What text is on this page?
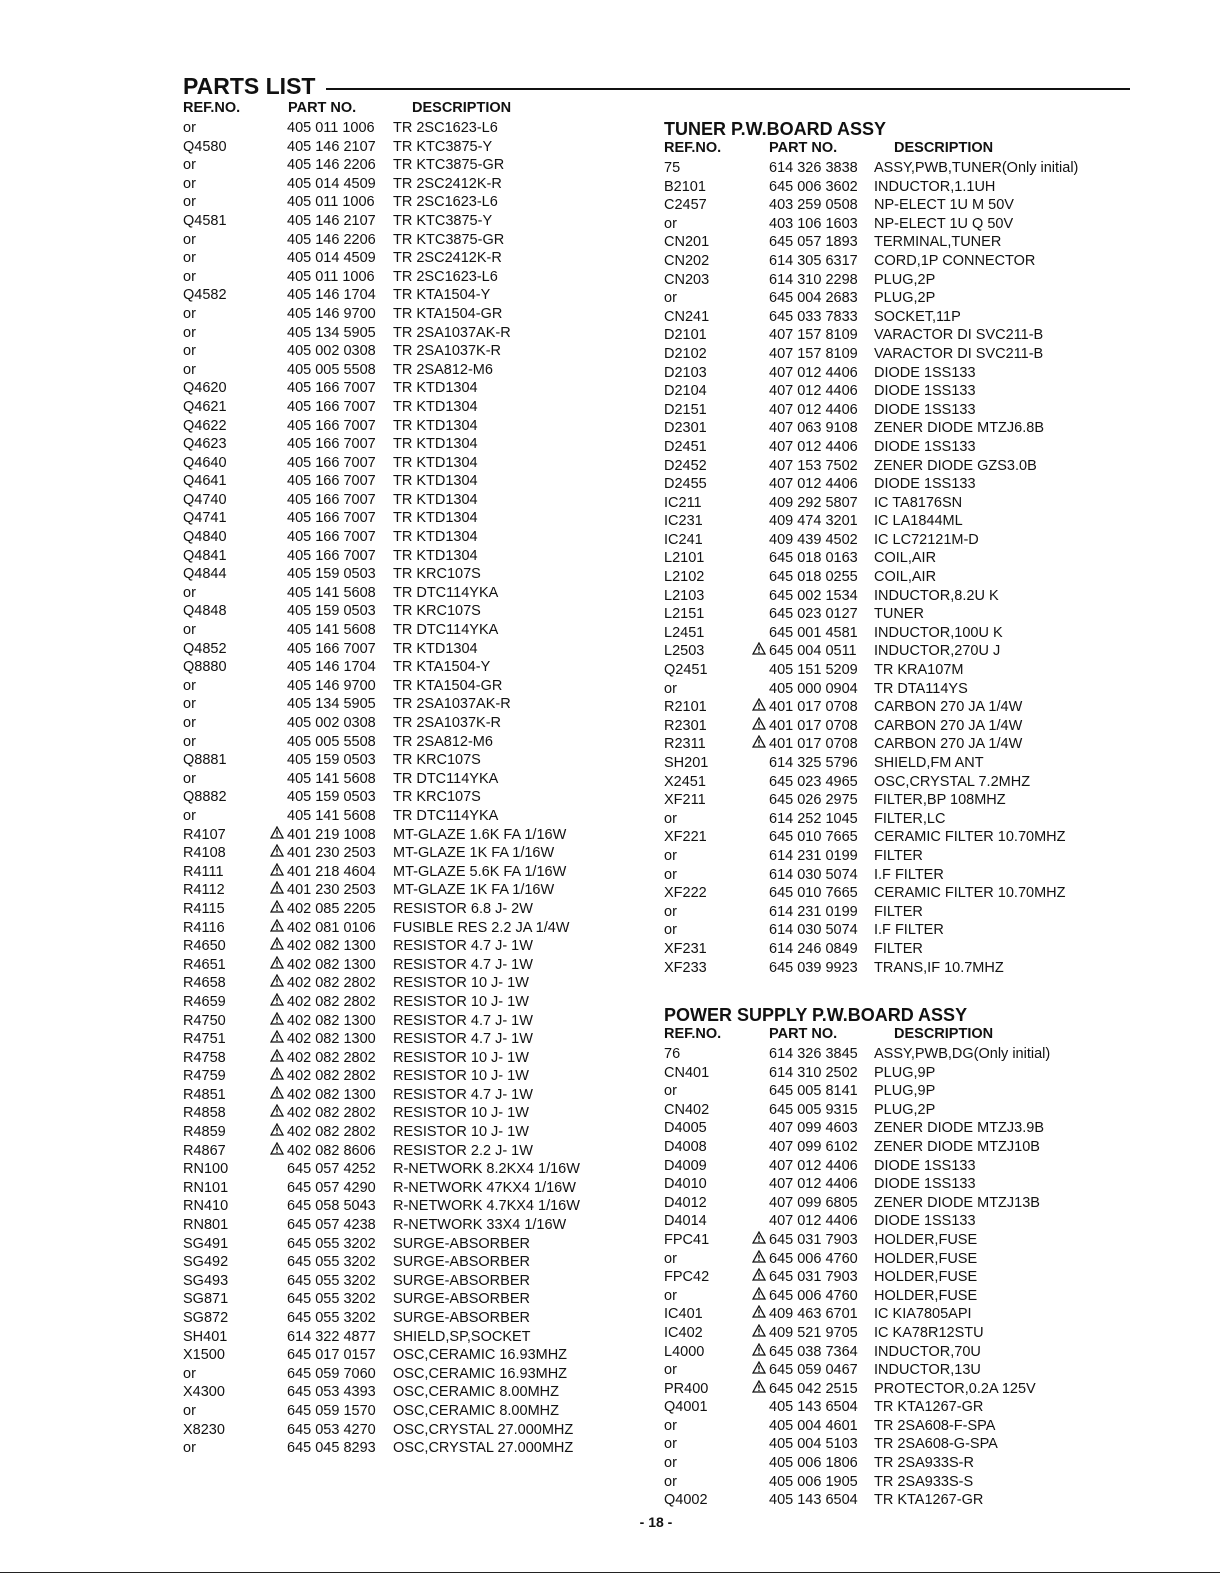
PARTS LIST
REF.NO.	PART NO.	DESCRIPTION
or	405 011 1006 TR 2SC1623-L6
Q4580	405 146 2107 TR KTC3875-Y
or	405 146 2206 TR KTC3875-GR
or	405 014 4509 TR 2SC2412K-R
or	405 011 1006 TR 2SC1623-L6
Q4581	405 146 2107 TR KTC3875-Y
or	405 146 2206 TR KTC3875-GR
or	405 014 4509 TR 2SC2412K-R
or	405 011 1006 TR 2SC1623-L6
Q4582	405 146 1704 TR KTA1504-Y
or	405 146 9700 TR KTA1504-GR
or	405 134 5905 TR 2SA1037AK-R
or	405 002 0308 TR 2SA1037K-R
or	405 005 5508 TR 2SA812-M6
Q4620	405 166 7007 TR KTD1304
Q4621	405 166 7007 TR KTD1304
Q4622	405 166 7007 TR KTD1304
Q4623	405 166 7007 TR KTD1304
Q4640	405 166 7007 TR KTD1304
Q4641	405 166 7007 TR KTD1304
Q4740	405 166 7007 TR KTD1304
Q4741	405 166 7007 TR KTD1304
Q4840	405 166 7007 TR KTD1304
Q4841	405 166 7007 TR KTD1304
Q4844	405 159 0503 TR KRC107S
or	405 141 5608 TR DTC114YKA
Q4848	405 159 0503 TR KRC107S
or	405 141 5608 TR DTC114YKA
Q4852	405 166 7007 TR KTD1304
Q8880	405 146 1704 TR KTA1504-Y
or	405 146 9700 TR KTA1504-GR
or	405 134 5905 TR 2SA1037AK-R
or	405 002 0308 TR 2SA1037K-R
or	405 005 5508 TR 2SA812-M6
Q8881	405 159 0503 TR KRC107S
or	405 141 5608 TR DTC114YKA
Q8882	405 159 0503 TR KRC107S
or	405 141 5608 TR DTC114YKA
R4107	401 219 1008 MT-GLAZE 1.6K FA 1/16W
R4108	401 230 2503 MT-GLAZE 1K FA 1/16W
R4111	401 218 4604 MT-GLAZE 5.6K FA 1/16W
R4112	401 230 2503 MT-GLAZE 1K FA 1/16W
R4115	402 085 2205 RESISTOR 6.8 J- 2W
R4116	402 081 0106 FUSIBLE RES 2.2 JA 1/4W
R4650	402 082 1300 RESISTOR 4.7 J- 1W
R4651	402 082 1300 RESISTOR 4.7 J- 1W
R4658	402 082 2802 RESISTOR 10 J- 1W
R4659	402 082 2802 RESISTOR 10 J- 1W
R4750	402 082 1300 RESISTOR 4.7 J- 1W
R4751	402 082 1300 RESISTOR 4.7 J- 1W
R4758	402 082 2802 RESISTOR 10 J- 1W
R4759	402 082 2802 RESISTOR 10 J- 1W
R4851	402 082 1300 RESISTOR 4.7 J- 1W
R4858	402 082 2802 RESISTOR 10 J- 1W
R4859	402 082 2802 RESISTOR 10 J- 1W
R4867	402 082 8606 RESISTOR 2.2 J- 1W
RN100	645 057 4252 R-NETWORK 8.2KX4 1/16W
RN101	645 057 4290 R-NETWORK 47KX4 1/16W
RN410	645 058 5043 R-NETWORK 4.7KX4 1/16W
RN801	645 057 4238 R-NETWORK 33X4 1/16W
SG491	645 055 3202 SURGE-ABSORBER
SG492	645 055 3202 SURGE-ABSORBER
SG493	645 055 3202 SURGE-ABSORBER
SG871	645 055 3202 SURGE-ABSORBER
SG872	645 055 3202 SURGE-ABSORBER
SH401	614 322 4877 SHIELD,SP,SOCKET
X1500	645 017 0157 OSC,CERAMIC 16.93MHZ
or	645 059 7060 OSC,CERAMIC 16.93MHZ
X4300	645 053 4393 OSC,CERAMIC 8.00MHZ
or	645 059 1570 OSC,CERAMIC 8.00MHZ
X8230	645 053 4270 OSC,CRYSTAL 27.000MHZ
or	645 045 8293 OSC,CRYSTAL 27.000MHZ
TUNER P.W.BOARD ASSY
REF.NO.	PART NO.	DESCRIPTION
75	614 326 3838 ASSY,PWB,TUNER(Only initial)
B2101	645 006 3602 INDUCTOR,1.1UH
C2457	403 259 0508 NP-ELECT 1U M 50V
or	403 106 1603 NP-ELECT 1U Q 50V
CN201	645 057 1893 TERMINAL,TUNER
CN202	614 305 6317 CORD,1P CONNECTOR
CN203	614 310 2298 PLUG,2P
or	645 004 2683 PLUG,2P
CN241	645 033 7833 SOCKET,11P
D2101	407 157 8109 VARACTOR DI SVC211-B
D2102	407 157 8109 VARACTOR DI SVC211-B
D2103	407 012 4406 DIODE 1SS133
D2104	407 012 4406 DIODE 1SS133
D2151	407 012 4406 DIODE 1SS133
D2301	407 063 9108 ZENER DIODE MTZJ6.8B
D2451	407 012 4406 DIODE 1SS133
D2452	407 153 7502 ZENER DIODE GZS3.0B
D2455	407 012 4406 DIODE 1SS133
IC211	409 292 5807 IC TA8176SN
IC231	409 474 3201 IC LA1844ML
IC241	409 439 4502 IC LC72121M-D
L2101	645 018 0163 COIL,AIR
L2102	645 018 0255 COIL,AIR
L2103	645 002 1534 INDUCTOR,8.2U K
L2151	645 023 0127 TUNER
L2451	645 001 4581 INDUCTOR,100U K
L2503	645 004 0511 INDUCTOR,270U J
Q2451	405 151 5209 TR KRA107M
or	405 000 0904 TR DTA114YS
R2101	401 017 0708 CARBON 270 JA 1/4W
R2301	401 017 0708 CARBON 270 JA 1/4W
R2311	401 017 0708 CARBON 270 JA 1/4W
SH201	614 325 5796 SHIELD,FM ANT
X2451	645 023 4965 OSC,CRYSTAL 7.2MHZ
XF211	645 026 2975 FILTER,BP 108MHZ
or	614 252 1045 FILTER,LC
XF221	645 010 7665 CERAMIC FILTER 10.70MHZ
or	614 231 0199 FILTER
or	614 030 5074 I.F FILTER
XF222	645 010 7665 CERAMIC FILTER 10.70MHZ
or	614 231 0199 FILTER
or	614 030 5074 I.F FILTER
XF231	614 246 0849 FILTER
XF233	645 039 9923 TRANS,IF 10.7MHZ
POWER SUPPLY P.W.BOARD ASSY
REF.NO.	PART NO.	DESCRIPTION
76	614 326 3845 ASSY,PWB,DG(Only initial)
CN401	614 310 2502 PLUG,9P
or	645 005 8141 PLUG,9P
CN402	645 005 9315 PLUG,2P
D4005	407 099 4603 ZENER DIODE MTZJ3.9B
D4008	407 099 6102 ZENER DIODE MTZJ10B
D4009	407 012 4406 DIODE 1SS133
D4010	407 012 4406 DIODE 1SS133
D4012	407 099 6805 ZENER DIODE MTZJ13B
D4014	407 012 4406 DIODE 1SS133
FPC41	645 031 7903 HOLDER,FUSE
or	645 006 4760 HOLDER,FUSE
FPC42	645 031 7903 HOLDER,FUSE
or	645 006 4760 HOLDER,FUSE
IC401	409 463 6701 IC KIA7805API
IC402	409 521 9705 IC KA78R12STU
L4000	645 038 7364 INDUCTOR,70U
or	645 059 0467 INDUCTOR,13U
PR400	645 042 2515 PROTECTOR,0.2A 125V
Q4001	405 143 6504 TR KTA1267-GR
or	405 004 4601 TR 2SA608-F-SPA
or	405 004 5103 TR 2SA608-G-SPA
or	405 006 1806 TR 2SA933S-R
or	405 006 1905 TR 2SA933S-S
Q4002	405 143 6504 TR KTA1267-GR
- 18 -
